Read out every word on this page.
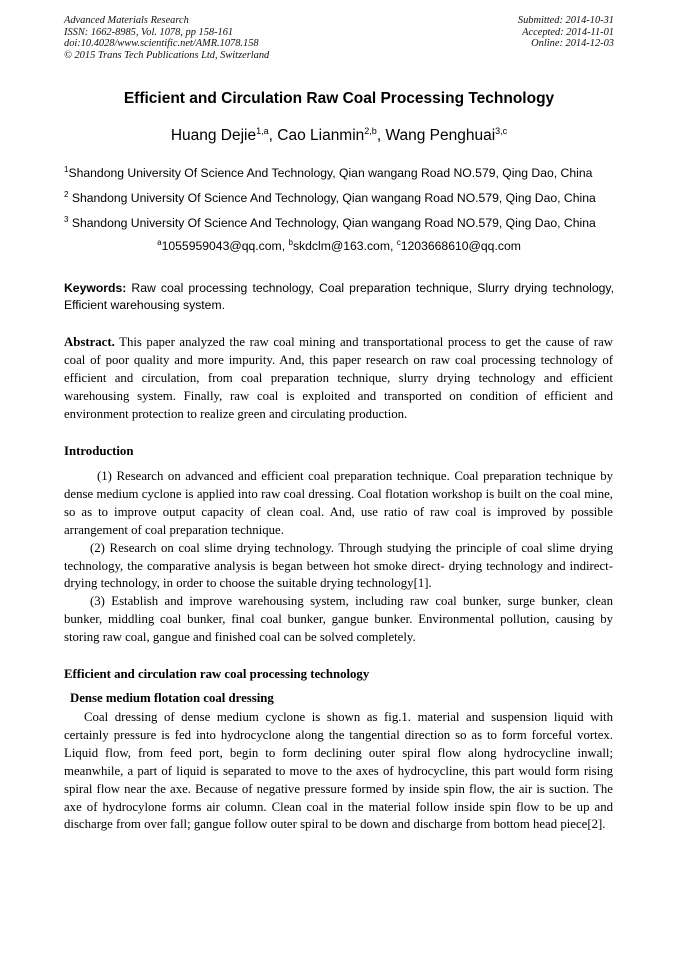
Advanced Materials Research
ISSN: 1662-8985, Vol. 1078, pp 158-161
doi:10.4028/www.scientific.net/AMR.1078.158
© 2015 Trans Tech Publications Ltd, Switzerland
Submitted: 2014-10-31
Accepted: 2014-11-01
Online: 2014-12-03
Efficient and Circulation Raw Coal Processing Technology
Huang Dejie$^{1,a}$, Cao Lianmin$^{2,b}$, Wang Penghuai$^{3,c}$
$^1$Shandong University Of Science And Technology, Qian wangang Road NO.579, Qing Dao, China
$^2$ Shandong University Of Science And Technology, Qian wangang Road NO.579, Qing Dao, China
$^3$ Shandong University Of Science And Technology, Qian wangang Road NO.579, Qing Dao, China
$^a$1055959043@qq.com, $^b$skdclm@163.com, $^c$1203668610@qq.com
Keywords: Raw coal processing technology, Coal preparation technique, Slurry drying technology, Efficient warehousing system.
Abstract. This paper analyzed the raw coal mining and transportational process to get the cause of raw coal of poor quality and more impurity. And, this paper research on raw coal processing technology of efficient and circulation, from coal preparation technique, slurry drying technology and efficient warehousing system. Finally, raw coal is exploited and transported on condition of efficient and environment protection to realize green and circulating production.
Introduction

(1) Research on advanced and efficient coal preparation technique. Coal preparation technique by dense medium cyclone is applied into raw coal dressing. Coal flotation workshop is built on the coal mine, so as to improve output capacity of clean coal. And, use ratio of raw coal is improved by possible arrangement of coal preparation technique.

(2) Research on coal slime drying technology. Through studying the principle of coal slime drying technology, the comparative analysis is began between hot smoke direct- drying technology and indirect-drying technology, in order to choose the suitable drying technology[1].

(3) Establish and improve warehousing system, including raw coal bunker, surge bunker, clean bunker, middling coal bunker, final coal bunker, gangue bunker. Environmental pollution, causing by storing raw coal, gangue and finished coal can be solved completely.

Efficient and circulation raw coal processing technology
Dense medium flotation coal dressing

Coal dressing of dense medium cyclone is shown as fig.1. material and suspension liquid with certainly pressure is fed into hydrocyclone along the tangential direction so as to form forceful vortex. Liquid flow, from feed port, begin to form declining outer spiral flow along hydrocycline inwall; meanwhile, a part of liquid is separated to move to the axes of hydrocycline, this part would form rising spiral flow near the axe. Because of negative pressure formed by inside spin flow, the air is suction. The axe of hydrocylone forms air column. Clean coal in the material follow inside spin flow to be up and discharge from over fall; gangue follow outer spiral to be down and discharge from bottom head piece[2].
